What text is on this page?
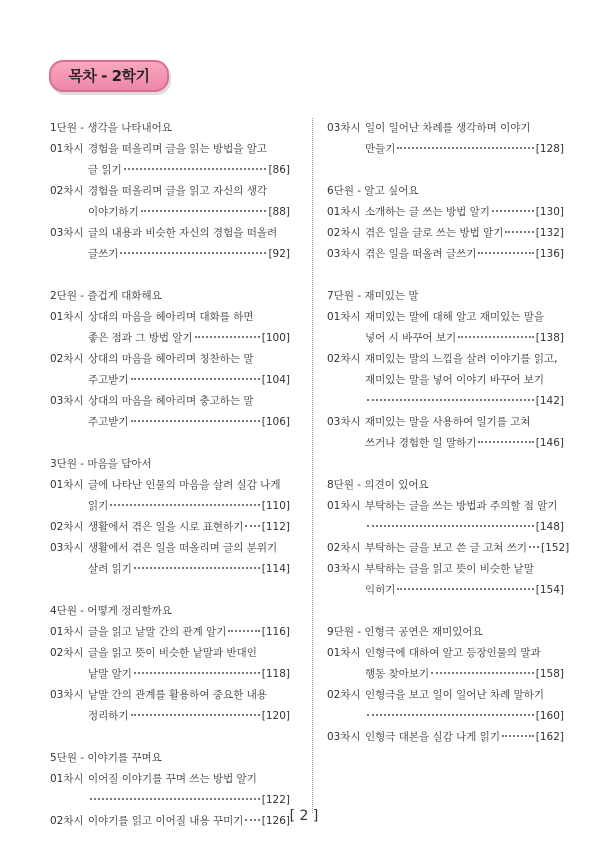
목차 - 2학기
1단원 - 생각을 나타내어요
01차시 경험을 떠올리며 글을 읽는 방법을 알고
글 읽기	[86]
02차시 경험을 떠올리며 글을 읽고 자신의 생각
이야기하기	[88]
03차시 글의 내용과 비슷한 자신의 경험을 떠올려
글쓰기	[92]
2단원 - 즐겁게 대화해요
01차시 상대의 마음을 헤아리며 대화를 하면
좋은 점과 그 방법 알기	[100]
02차시 상대의 마음을 헤아리며 칭찬하는 말
주고받기	[104]
03차시 상대의 마음을 헤아리며 충고하는 말
주고받기	[106]
3단원 - 마음을 담아서
01차시 글에 나타난 인물의 마음을 살려 실감 나게
읽기	[110]
02차시 생활에서 겪은 일을 시로 표현하기 [112]
03차시 생활에서 겪은 일을 떠올리며 글의 분위기
살려 읽기	[114]
4단원 - 어떻게 정리할까요
01차시 글을 읽고 낱말 간의 관계 알기	[116]
02차시 글을 읽고 뜻이 비슷한 낱말과 반대인
낱말 알기	[118]
03차시 낱말 간의 관계를 활용하여 중요한 내용
정리하기	[120]
5단원 - 이야기를 꾸며요
01차시 이어질 이야기를 꾸며 쓰는 방법 알기
[122]
02차시 이야기를 읽고 이어질 내용 꾸미기 [126]
03차시 일이 일어난 차례를 생각하며 이야기
만들기	[128]
6단원 - 알고 싶어요
01차시 소개하는 글 쓰는 방법 알기	[130]
02차시 겪은 일을 글로 쓰는 방법 알기	[132]
03차시 겪은 일을 떠올려 글쓰기	[136]
7단원 - 재미있는 말
01차시 재미있는 말에 대해 알고 재미있는 말을
넣어 시 바꾸어 보기	[138]
02차시 재미있는 말의 느낌을 살려 이야기를 읽고,
재미있는 말을 넣어 이야기 바꾸어 보기
[142]
03차시 재미있는 말을 사용하여 일기를 고쳐
쓰거나 경험한 일 말하기	[146]
8단원 - 의견이 있어요
01차시 부탁하는 글을 쓰는 방법과 주의할 점 알기
[148]
02차시 부탁하는 글을 보고 쓴 글 고쳐 쓰기 [152]
03차시 부탁하는 글을 읽고 뜻이 비슷한 낱말
익히기	[154]
9단원 - 인형극 공연은 재미있어요
01차시 인형극에 대하여 알고 등장인물의 말과
행동 찾아보기	[158]
02차시 인형극을 보고 일이 일어난 차례 말하기
[160]
03차시 인형극 대본을 실감 나게 읽기	[162]
[ 2 ]
